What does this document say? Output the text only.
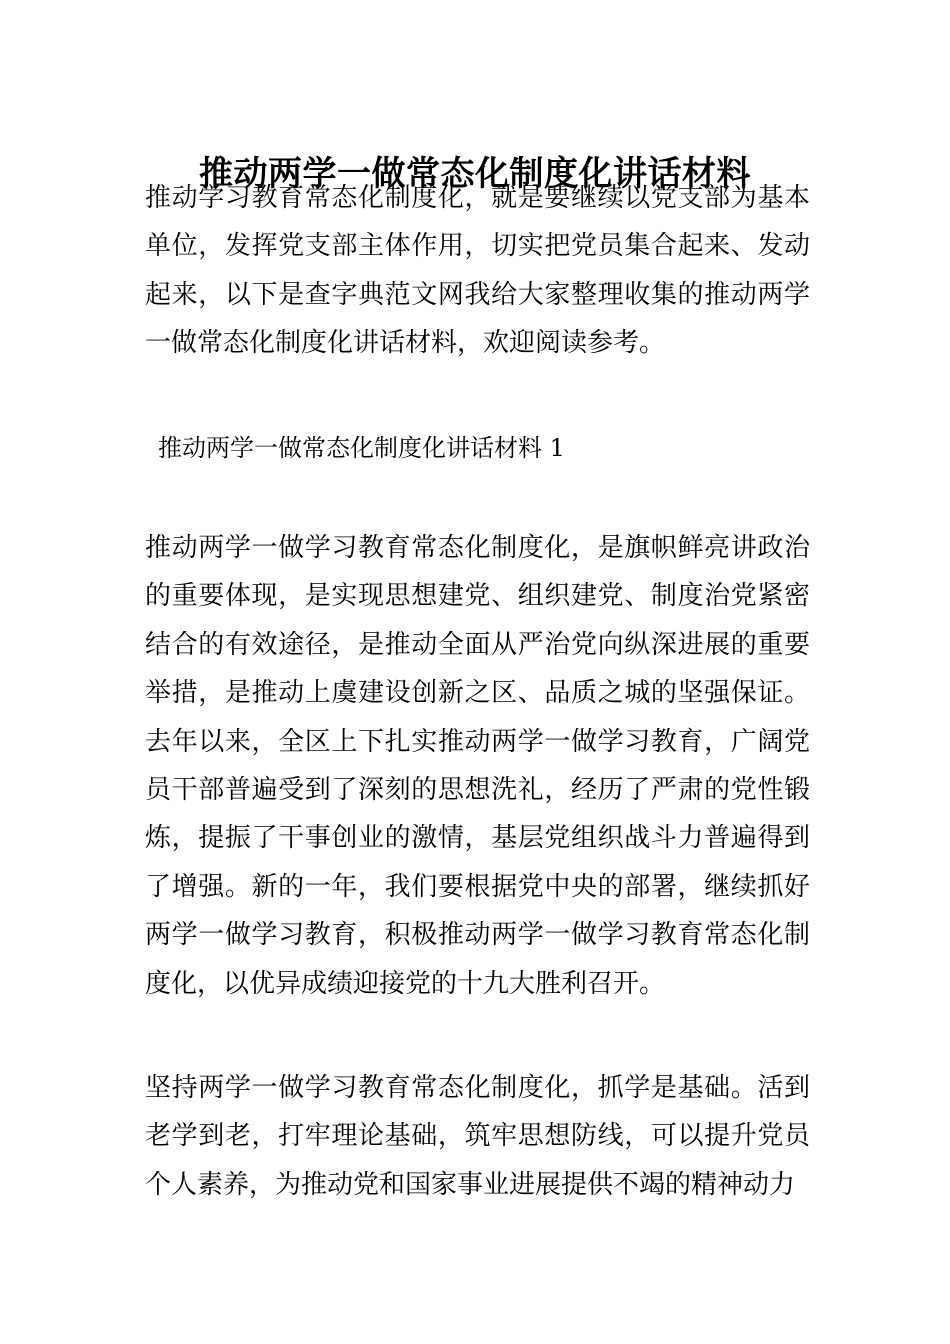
推动两学一做常态化制度化讲话材料

推动学习教育常态化制度化，就是要继续以党支部为基本单位，发挥党支部主体作用，切实把党员集合起来、发动起来，以下是查字典范文网我给大家整理收集的推动两学一做常态化制度化讲话材料，欢迎阅读参考。

推动两学一做常态化制度化讲话材料 1

推动两学一做学习教育常态化制度化，是旗帜鲜亮讲政治的重要体现，是实现思想建党、组织建党、制度治党紧密结合的有效途径，是推动全面从严治党向纵深进展的重要举措，是推动上虞建设创新之区、品质之城的坚强保证。去年以来，全区上下扎实推动两学一做学习教育，广阔党员干部普遍受到了深刻的思想洗礼，经历了严肃的党性锻炼，提振了干事创业的激情，基层党组织战斗力普遍得到了增强。新的一年，我们要根据党中央的部署，继续抓好两学一做学习教育，积极推动两学一做学习教育常态化制度化，以优异成绩迎接党的十九大胜利召开。

坚持两学一做学习教育常态化制度化，抓学是基础。活到老学到老，打牢理论基础，筑牢思想防线，可以提升党员个人素养，为推动党和国家事业进展提供不竭的精神动力
